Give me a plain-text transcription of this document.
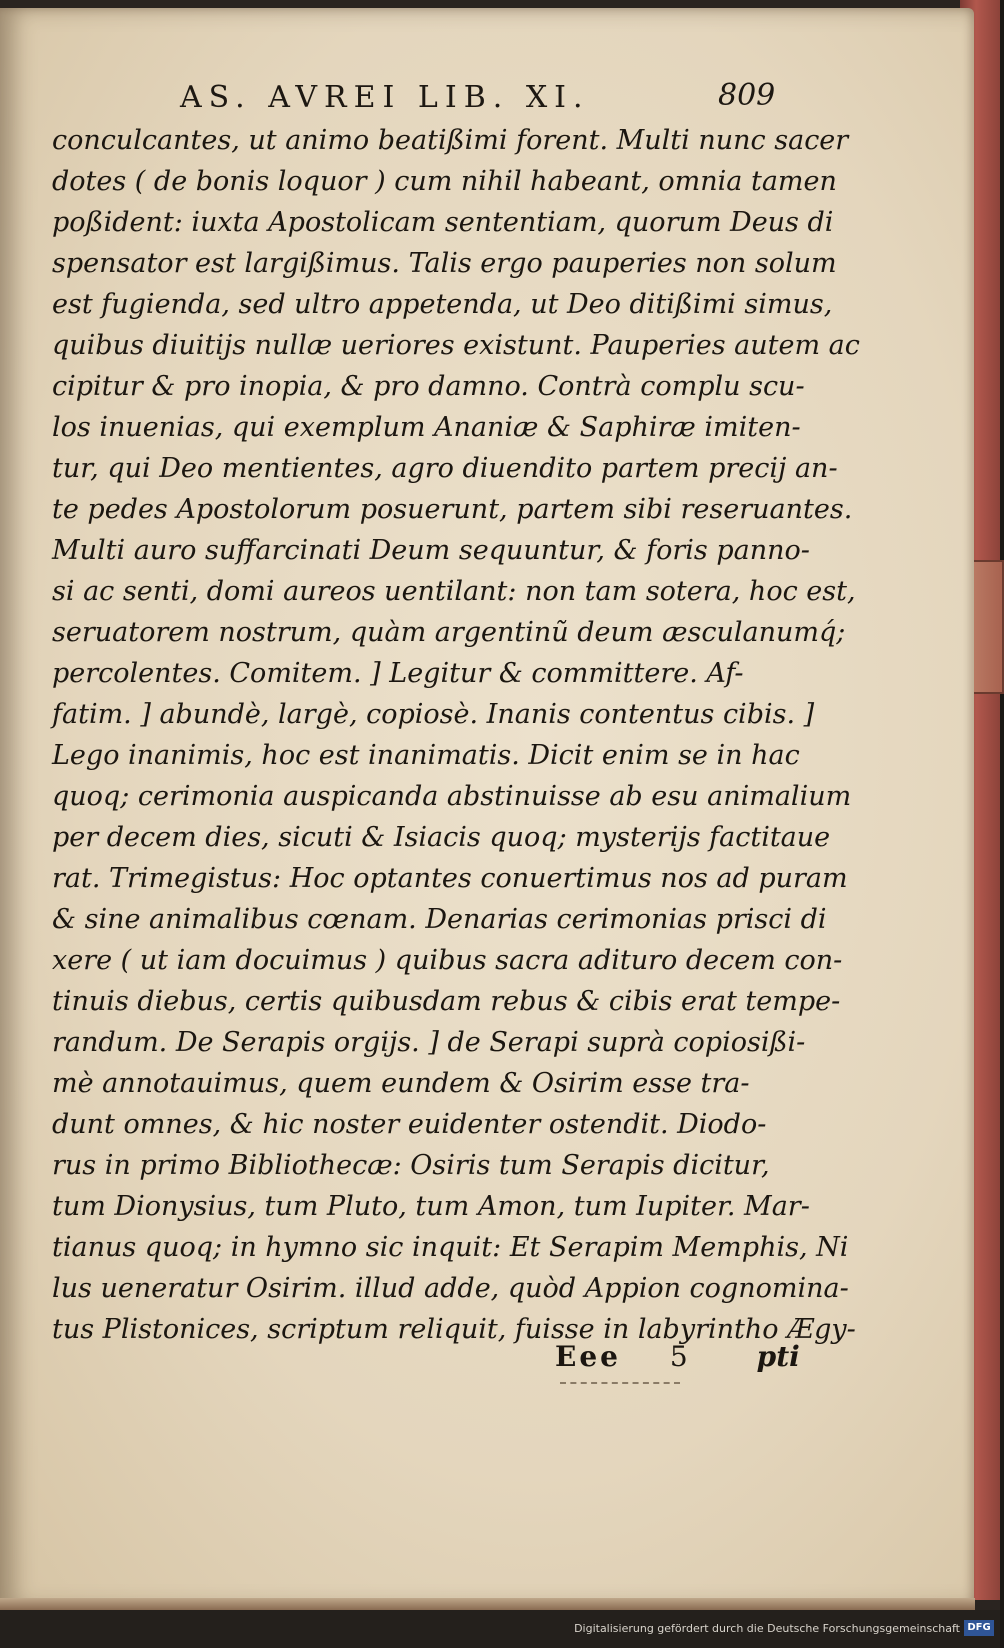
AS. AVREI LIB. XI.	809
conculcantes, ut animo beatißimi forent. Multi nunc sacer
dotes ( de bonis loquor ) cum nihil habeant, omnia tamen
poßident: iuxta Apostolicam sententiam, quorum Deus di
spensator est largißimus. Talis ergo pauperies non solum
est fugienda, sed ultro appetenda, ut Deo ditißimi simus,
quibus diuitijs nullæ ueriores existunt. Pauperies autem ac
cipitur & pro inopia, & pro damno. Contrà complu scu-
los inuenias, qui exemplum Ananiæ & Saphiræ imiten-
tur, qui Deo mentientes, agro diuendito partem precij an-
te pedes Apostolorum posuerunt, partem sibi reseruantes.
Multi auro suffarcinati Deum sequuntur, & foris panno-
si ac senti, domi aureos uentilant: non tam sotera, hoc est,
seruatorem nostrum, quàm argentinũ deum æsculanumq́;
percolentes. Comitem. ] Legitur & committere. Af-
fatim. ] abundè, largè, copiosè. Inanis contentus cibis. ]
Lego inanimis, hoc est inanimatis. Dicit enim se in hac
quoq; cerimonia auspicanda abstinuisse ab esu animalium
per decem dies, sicuti & Isiacis quoq; mysterijs factitaue
rat. Trimegistus: Hoc optantes conuertimus nos ad puram
& sine animalibus cœnam. Denarias cerimonias prisci di
xere ( ut iam docuimus ) quibus sacra adituro decem con-
tinuis diebus, certis quibusdam rebus & cibis erat tempe-
randum. De Serapis orgijs. ] de Serapi suprà copiosißi-
mè annotauimus, quem eundem & Osirim esse tra-
dunt omnes, & hic noster euidenter ostendit. Diodo-
rus in primo Bibliothecæ: Osiris tum Serapis dicitur,
tum Dionysius, tum Pluto, tum Amon, tum Iupiter. Mar-
tianus quoq; in hymno sic inquit: Et Serapim Memphis, Ni
lus ueneratur Osirim. illud adde, quòd Appion cognomina-
tus Plistonices, scriptum reliquit, fuisse in labyrintho Ægy-
Eee 5 pti
Digitalisierung gefördert durch die Deutsche Forschungsgemeinschaft DFG
